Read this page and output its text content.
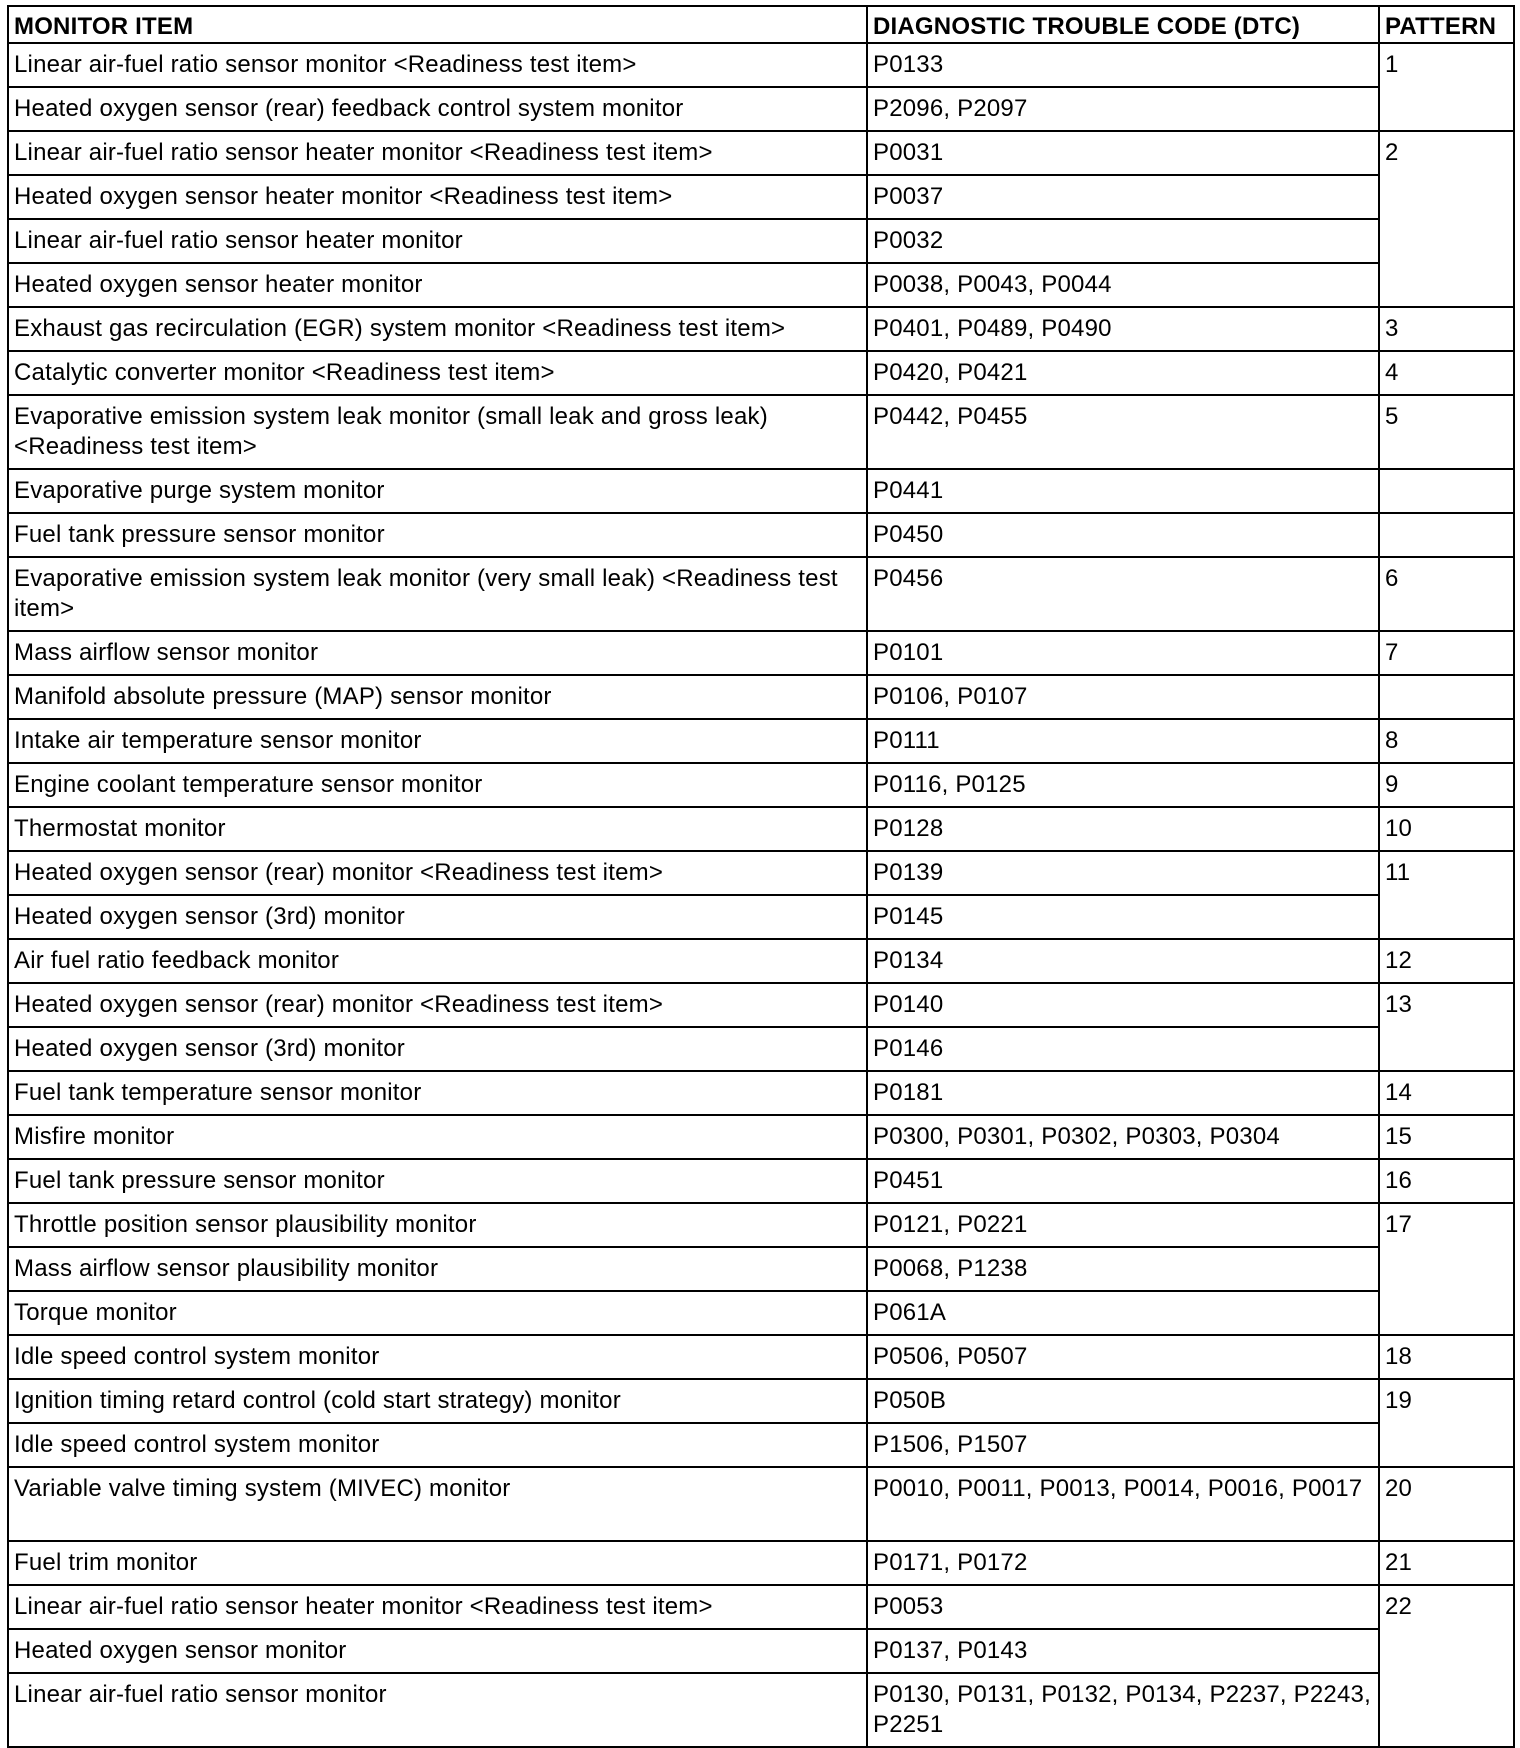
MONITOR ITEM	DIAGNOSTIC TROUBLE CODE (DTC)	PATTERN
Linear air-fuel ratio sensor monitor <Readiness test item>	P0133	1
Heated oxygen sensor (rear) feedback control system monitor	P2096, P2097	
Linear air-fuel ratio sensor heater monitor <Readiness test item>	P0031	2
Heated oxygen sensor heater monitor <Readiness test item>	P0037	
Linear air-fuel ratio sensor heater monitor	P0032	
Heated oxygen sensor heater monitor	P0038, P0043, P0044	
Exhaust gas recirculation (EGR) system monitor <Readiness test item>	P0401, P0489, P0490	3
Catalytic converter monitor <Readiness test item>	P0420, P0421	4
Evaporative emission system leak monitor (small leak and gross leak) <Readiness test item>	P0442, P0455	5
Evaporative purge system monitor	P0441	
Fuel tank pressure sensor monitor	P0450	
Evaporative emission system leak monitor (very small leak) <Readiness test item>	P0456	6
Mass airflow sensor monitor	P0101	7
Manifold absolute pressure (MAP) sensor monitor	P0106, P0107	
Intake air temperature sensor monitor	P0111	8
Engine coolant temperature sensor monitor	P0116, P0125	9
Thermostat monitor	P0128	10
Heated oxygen sensor (rear) monitor <Readiness test item>	P0139	11
Heated oxygen sensor (3rd) monitor	P0145	
Air fuel ratio feedback monitor	P0134	12
Heated oxygen sensor (rear) monitor <Readiness test item>	P0140	13
Heated oxygen sensor (3rd) monitor	P0146	
Fuel tank temperature sensor monitor	P0181	14
Misfire monitor	P0300, P0301, P0302, P0303, P0304	15
Fuel tank pressure sensor monitor	P0451	16
Throttle position sensor plausibility monitor	P0121, P0221	17
Mass airflow sensor plausibility monitor	P0068, P1238	
Torque monitor	P061A	
Idle speed control system monitor	P0506, P0507	18
Ignition timing retard control (cold start strategy) monitor	P050B	19
Idle speed control system monitor	P1506, P1507	
Variable valve timing system (MIVEC) monitor	P0010, P0011, P0013, P0014, P0016, P0017	20
Fuel trim monitor	P0171, P0172	21
Linear air-fuel ratio sensor heater monitor <Readiness test item>	P0053	22
Heated oxygen sensor monitor	P0137, P0143	
Linear air-fuel ratio sensor monitor	P0130, P0131, P0132, P0134, P2237, P2243, P2251	
